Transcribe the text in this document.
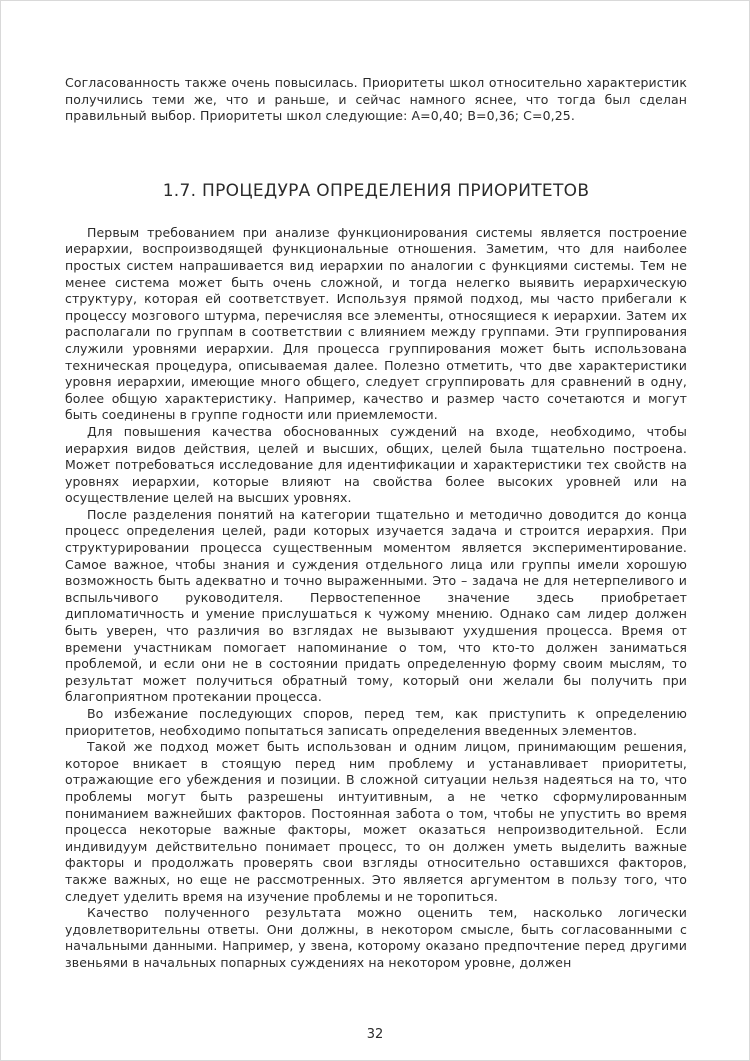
Согласованность также очень повысилась. Приоритеты школ относительно характеристик получились теми же, что и раньше, и сейчас намного яснее, что тогда был сделан правильный выбор. Приоритеты школ следующие: A=0,40; B=0,36; C=0,25.

1.7. ПРОЦЕДУРА ОПРЕДЕЛЕНИЯ ПРИОРИТЕТОВ

Первым требованием при анализе функционирования системы является построение иерархии, воспроизводящей функциональные отношения. Заметим, что для наиболее простых систем напрашивается вид иерархии по аналогии с функциями системы. Тем не менее система может быть очень сложной, и тогда нелегко выявить иерархическую структуру, которая ей соответствует. Используя прямой подход, мы часто прибегали к процессу мозгового штурма, перечисляя все элементы, относящиеся к иерархии. Затем их располагали по группам в соответствии с влиянием между группами. Эти группирования служили уровнями иерархии. Для процесса группирования может быть использована техническая процедура, описываемая далее. Полезно отметить, что две характеристики уровня иерархии, имеющие много общего, следует сгруппировать для сравнений в одну, более общую характеристику. Например, качество и размер часто сочетаются и могут быть соединены в группе годности или приемлемости.

Для повышения качества обоснованных суждений на входе, необходимо, чтобы иерархия видов действия, целей и высших, общих, целей была тщательно построена. Может потребоваться исследование для идентификации и характеристики тех свойств на уровнях иерархии, которые влияют на свойства более высоких уровней или на осуществление целей на высших уровнях.

После разделения понятий на категории тщательно и методично доводится до конца процесс определения целей, ради которых изучается задача и строится иерархия. При структурировании процесса существенным моментом является экспериментирование. Самое важное, чтобы знания и суждения отдельного лица или группы имели хорошую возможность быть адекватно и точно выраженными. Это – задача не для нетерпеливого и вспыльчивого руководителя. Первостепенное значение здесь приобретает дипломатичность и умение прислушаться к чужому мнению. Однако сам лидер должен быть уверен, что различия во взглядах не вызывают ухудшения процесса. Время от времени участникам помогает напоминание о том, что кто-то должен заниматься проблемой, и если они не в состоянии придать определенную форму своим мыслям, то результат может получиться обратный тому, который они желали бы получить при благоприятном протекании процесса.

Во избежание последующих споров, перед тем, как приступить к определению приоритетов, необходимо попытаться записать определения введенных элементов.

Такой же подход может быть использован и одним лицом, принимающим решения, которое вникает в стоящую перед ним проблему и устанавливает приоритеты, отражающие его убеждения и позиции. В сложной ситуации нельзя надеяться на то, что проблемы могут быть разрешены интуитивным, а не четко сформулированным пониманием важнейших факторов. Постоянная забота о том, чтобы не упустить во время процесса некоторые важные факторы, может оказаться непроизводительной. Если индивидуум действительно понимает процесс, то он должен уметь выделить важные факторы и продолжать проверять свои взгляды относительно оставшихся факторов, также важных, но еще не рассмотренных. Это является аргументом в пользу того, что следует уделить время на изучение проблемы и не торопиться.

Качество полученного результата можно оценить тем, насколько логически удовлетворительны ответы. Они должны, в некотором смысле, быть согласованными с начальными данными. Например, у звена, которому оказано предпочтение перед другими звеньями в начальных попарных суждениях на некотором уровне, должен

32
